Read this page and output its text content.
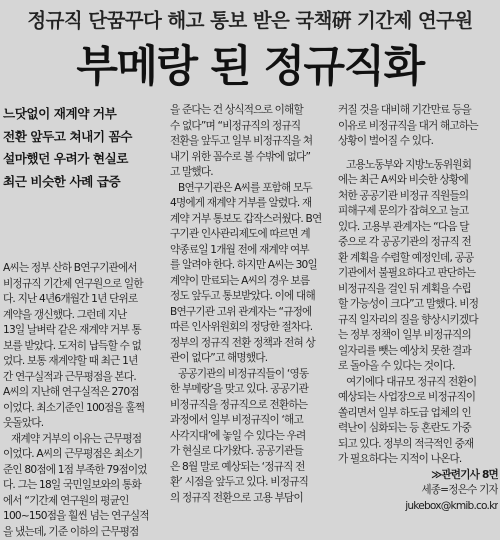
정규직 단꿈꾸다 해고 통보 받은 국책硏 기간제 연구원
부메랑 된 정규직화
느닷없이 재계약 거부
전환 앞두고 쳐내기 꼼수
설마했던 우려가 현실로
최근 비슷한 사례 급증
A씨는 정부 산하 B연구기관에서
비정규직 기간제 연구원으로 일한
다. 지난 4년6개월간 1년 단위로
계약을 갱신했다. 그런데 지난
13일 날벼락 같은 재계약 거부 통
보를 받았다. 도저히 납득할 수 없
었다. 보통 재계약할 때 최근 1년
간 연구실적과 근무평점을 본다.
A씨의 지난해 연구실적은 270점
이었다. 최소기준인 100점을 훌쩍
웃돌았다.
재계약 거부의 이유는 근무평점
이었다. A씨의 근무평점은 최소기
준인 80점에 1점 부족한 79점이었
다. 그는 18일 국민일보와의 통화
에서 “기간제 연구원의 평균인
100~150점을 훨씬 넘는 연구실적
을 냈는데, 기준 이하의 근무평점
을 준다는 건 상식적으로 이해할
수 없다”며 “비정규직의 정규직
전환을 앞두고 일부 비정규직을 쳐
내기 위한 꼼수로 볼 수밖에 없다”
고 말했다.
B연구기관은 A씨를 포함해 모두
4명에게 재계약 거부를 알렸다. 재
계약 거부 통보도 갑작스러웠다. B연
구기관 인사관리제도에 따르면 계
약종료일 1개월 전에 재계약 여부
를 알려야 한다. 하지만 A씨는 30일
계약이 만료되는 A씨의 경우 보름
정도 앞두고 통보받았다. 이에 대해
B연구기관 고위 관계자는 “규정에
따른 인사위원회의 정당한 절차다.
정부의 정규직 전환 정책과 전혀 상
관이 없다”고 해명했다.
공공기관의 비정규직들이 ‘영동
한 부메랑’을 맞고 있다. 공공기관
비정규직을 정규직으로 전환하는
과정에서 일부 비정규직이 ‘해고
사각지대’에 놓일 수 있다는 우려
가 현실로 다가왔다. 공공기관들
은 8월 말로 예상되는 ‘정규직 전
환’ 시점을 앞두고 있다. 비정규직
의 정규직 전환으로 고용 부담이
커질 것을 대비해 기간만료 등을
이유로 비정규직을 대거 해고하는
상황이 벌어질 수 있다.
고용노동부와 지방노동위원회
에는 최근 A씨와 비슷한 상황에
처한 공공기관 비정규 직원들의
피해구제 문의가 잡혀오고 늘고
있다. 고용부 관계자는 “다음 달
중으로 각 공공기관의 정규직 전
환 계획을 수렴할 예정인데, 공공
기관에서 불필요하다고 판단하는
비정규직을 걸인 뒤 계획을 수립
할 가능성이 크다”고 말했다. 비정
규직 일자리의 질을 향상시키겠다
는 정부 정책이 일부 비정규직의
일자리를 뺏는 예상치 못한 결과
로 돌아올 수 있다는 것이다.
여기에다 대규모 정규직 전환이
예상되는 사업장으로 비정규직이
쏠리면서 일부 하도급 업체의 인
력난이 심화되는 등 혼란도 가중
되고 있다. 정부의 적극적인 중재
가 필요하다는 지적이 나온다.
≫관련기사 8면
세종=정은수 기자
jukebox@kmib.co.kr
